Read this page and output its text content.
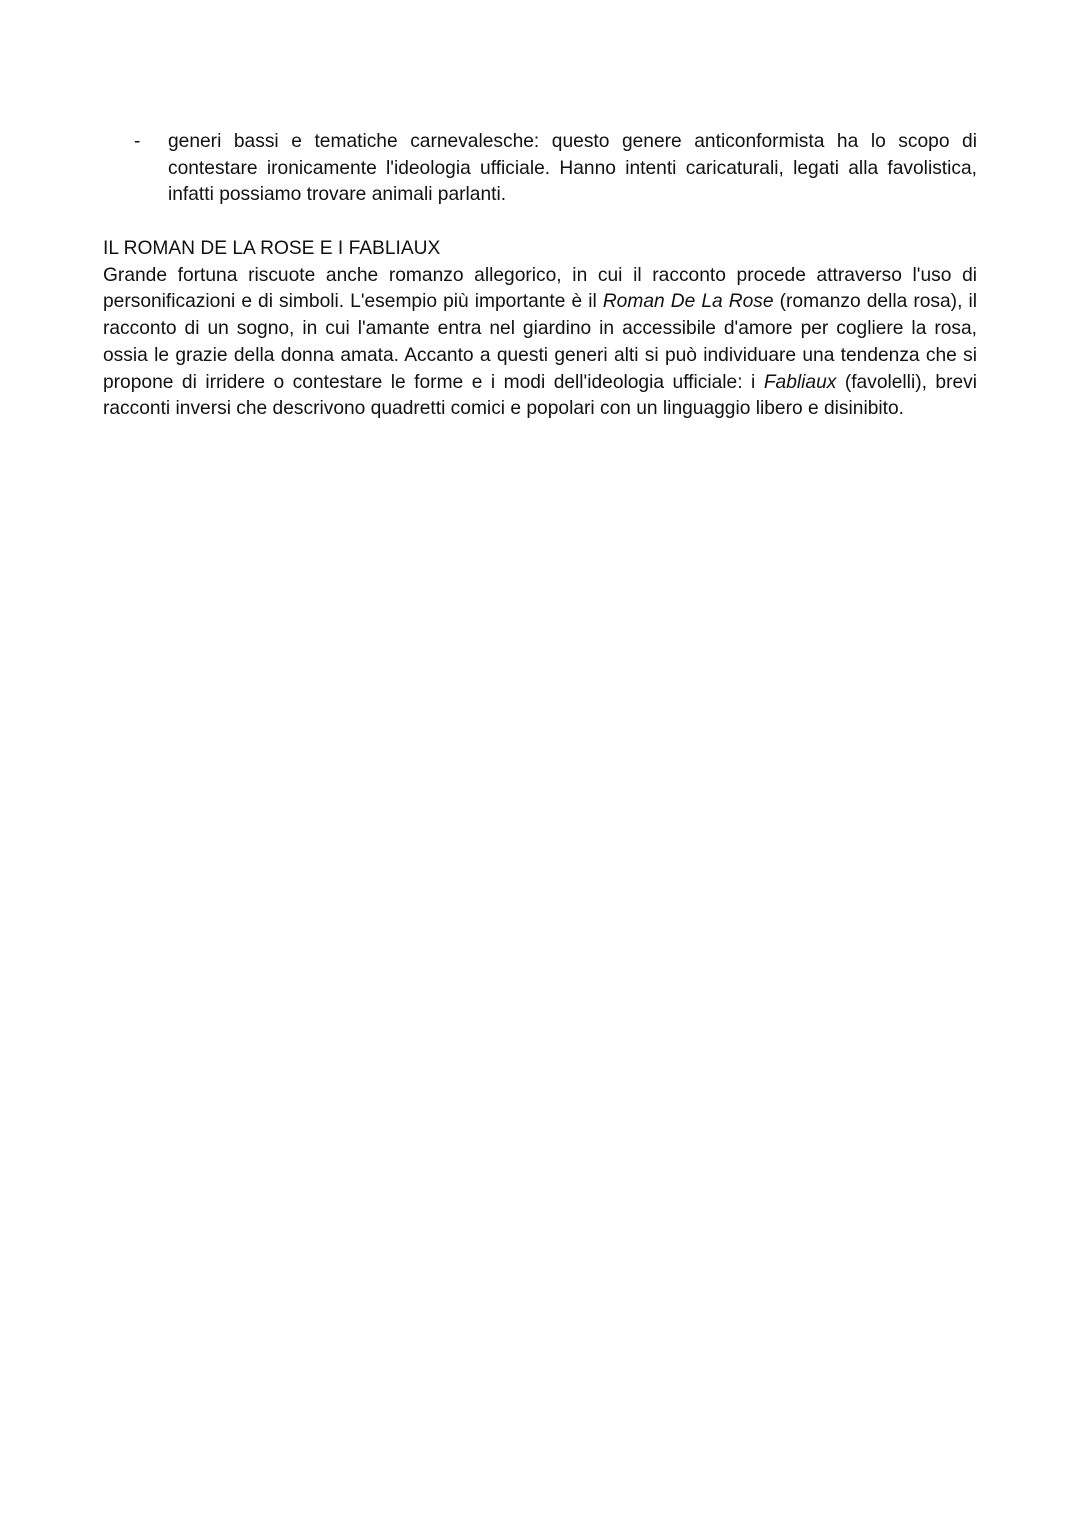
-	generi bassi e tematiche carnevalesche: questo genere anticonformista ha lo scopo di contestare ironicamente l'ideologia ufficiale. Hanno intenti caricaturali, legati alla favolistica, infatti possiamo trovare animali parlanti.
IL ROMAN DE LA ROSE E I FABLIAUX

Grande fortuna riscuote anche romanzo allegorico, in cui il racconto procede attraverso l'uso di personificazioni e di simboli. L'esempio più importante è il Roman De La Rose (romanzo della rosa), il racconto di un sogno, in cui l'amante entra nel giardino in accessibile d'amore per cogliere la rosa, ossia le grazie della donna amata. Accanto a questi generi alti si può individuare una tendenza che si propone di irridere o contestare le forme e i modi dell'ideologia ufficiale: i Fabliaux (favolelli), brevi racconti inversi che descrivono quadretti comici e popolari con un linguaggio libero e disinibito.
